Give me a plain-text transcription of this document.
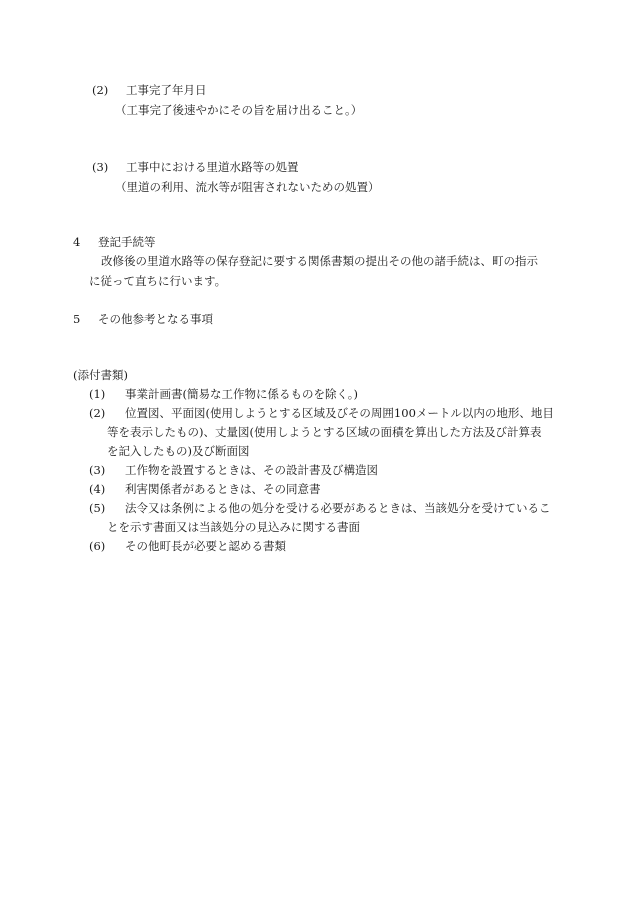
(2) 工事完了年月日
（工事完了後速やかにその旨を届け出ること。）
(3) 工事中における里道水路等の処置
（里道の利用、流水等が阻害されないための処置）
4 登記手続等
改修後の里道水路等の保存登記に要する関係書類の提出その他の諸手続は、町の指示
に従って直ちに行います。
5 その他参考となる事項
(添付書類)
(1) 事業計画書(簡易な工作物に係るものを除く。)
(2) 位置図、平面図(使用しようとする区域及びその周囲100メートル以内の地形、地目
等を表示したもの)、丈量図(使用しようとする区域の面積を算出した方法及び計算表
を記入したもの)及び断面図
(3) 工作物を設置するときは、その設計書及び構造図
(4) 利害関係者があるときは、その同意書
(5) 法令又は条例による他の処分を受ける必要があるときは、当該処分を受けているこ
とを示す書面又は当該処分の見込みに関する書面
(6) その他町長が必要と認める書類
